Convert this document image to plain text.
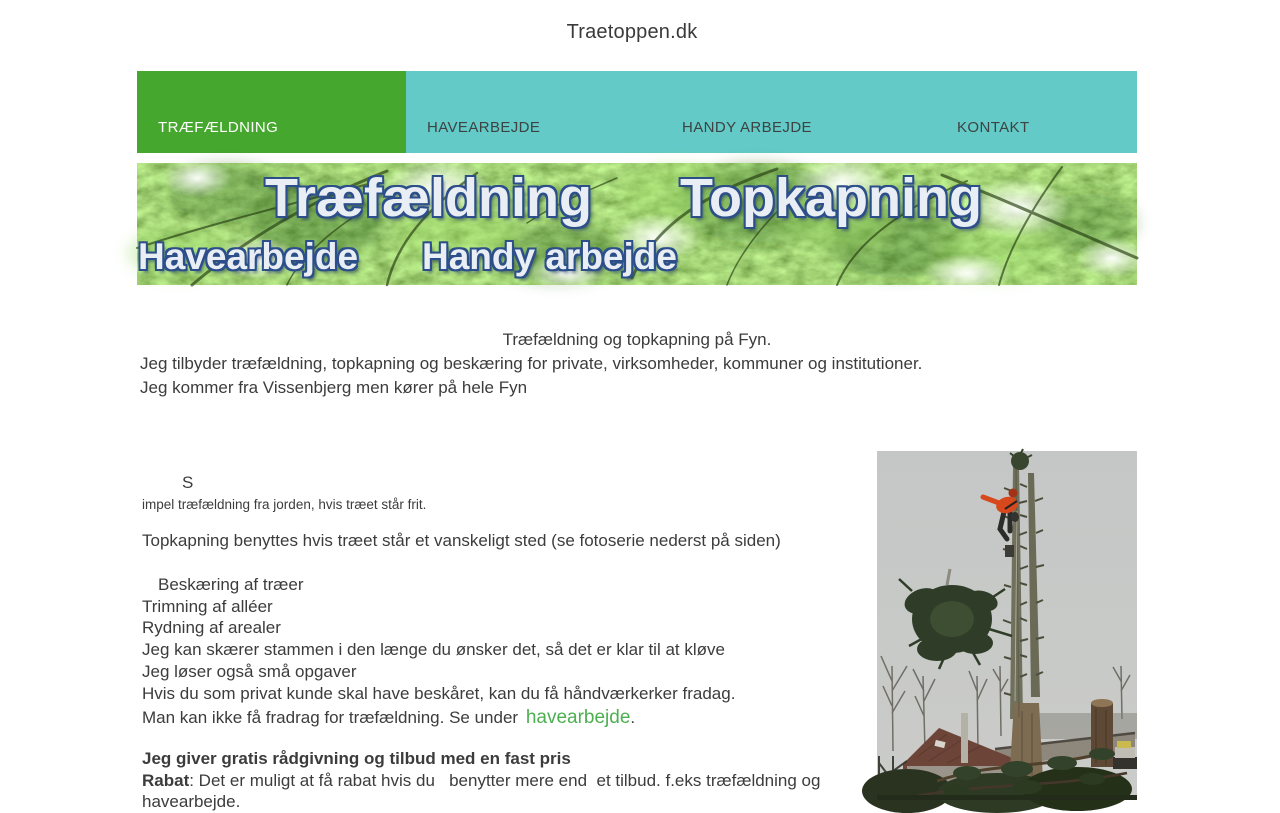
Traetoppen.dk
TRÆFÆLDNING	HAVEARBEJDE	HANDY ARBEJDE	KONTAKT
Træfældning Topkapning
Havearbejde Handy arbejde
Træfældning og topkapning på Fyn.
Jeg tilbyder træfældning, topkapning og beskæring for private, virksomheder, kommuner og institutioner.
Jeg kommer fra Vissenbjerg men kører på hele Fyn
S
impel træfældning fra jorden, hvis træet står frit.
Topkapning benyttes hvis træet står et vanskeligt sted (se fotoserie nederst på siden)
Beskæring af træer
Trimning af alléer
Rydning af arealer
Jeg kan skærer stammen i den længe du ønsker det, så det er klar til at kløve
Jeg løser også små opgaver
Hvis du som privat kunde skal have beskåret, kan du få håndværkerker fradag.
Man kan ikke få fradrag for træfældning. Se under havearbejde.
Jeg giver gratis rådgivning og tilbud med en fast pris
Rabat: Det er muligt at få rabat hvis du   benytter mere end  et tilbud. f.eks træfældning og
havearbejde.
